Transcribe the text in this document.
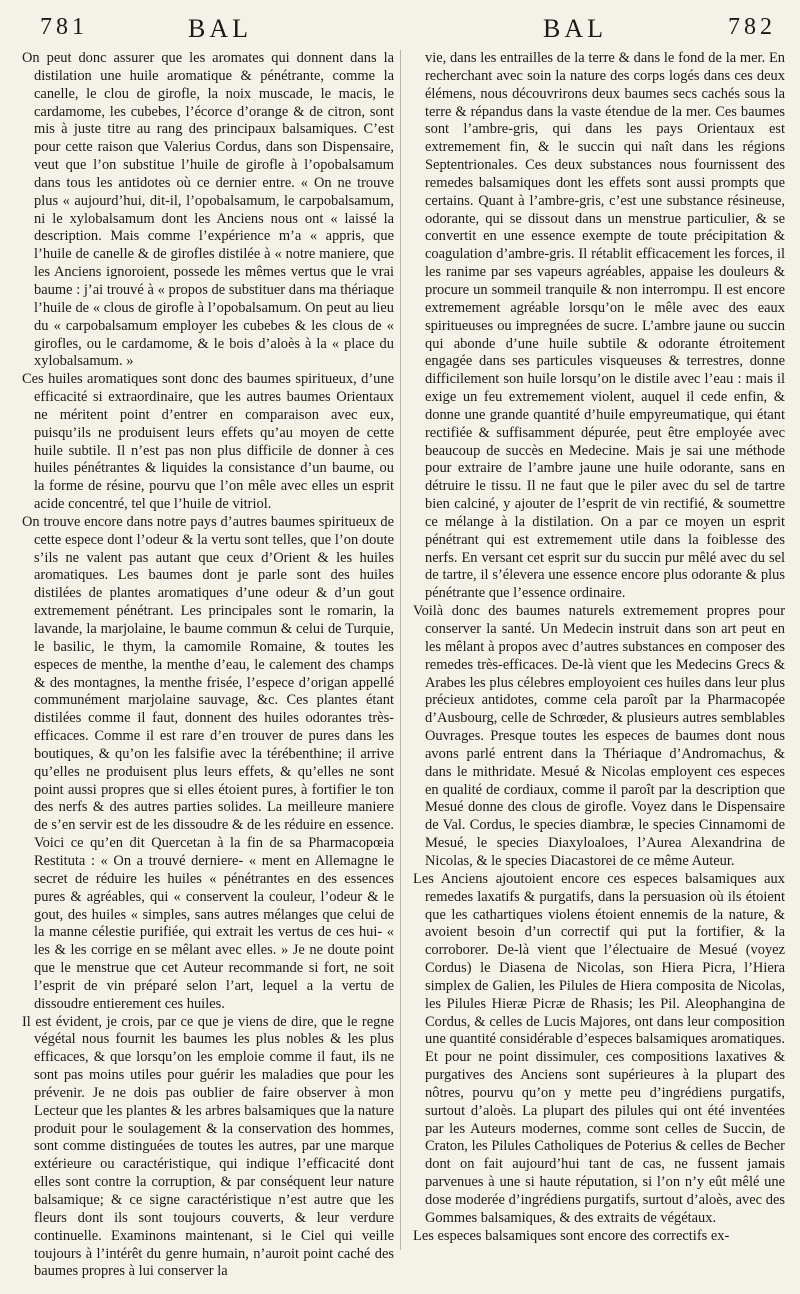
781	BAL	BAL	782

On peut donc assurer que les aromates qui donnent dans la distilation une huile aromatique & pénétrante, comme la canelle, le clou de girofle, la noix muscade, le macis, le cardamome, les cubebes, l’écorce d’orange & de citron, sont mis à juste titre au rang des principaux balsamiques. C’est pour cette raison que Valerius Cordus, dans son Dispensaire, veut que l’on substitue l’huile de girofle à l’opobalsamum dans tous les antidotes où ce dernier entre. « On ne trouve plus « aujourd’hui, dit-il, l’opobalsamum, le carpobalsamum, ni le xylobalsamum dont les Anciens nous ont « laissé la description. Mais comme l’expérience m’a « appris, que l’huile de canelle & de girofles distilée à « notre maniere, que les Anciens ignoroient, possede les mêmes vertus que le vrai baume : j’ai trouvé à « propos de substituer dans ma thériaque l’huile de « clous de girofle à l’opobalsamum. On peut au lieu du « carpobalsamum employer les cubebes & les clous de « girofles, ou le cardamome, & le bois d’aloès à la « place du xylobalsamum. »

Ces huiles aromatiques sont donc des baumes spiritueux, d’une efficacité si extraordinaire, que les autres baumes Orientaux ne méritent point d’entrer en comparaison avec eux, puisqu’ils ne produisent leurs effets qu’au moyen de cette huile subtile. Il n’est pas non plus difficile de donner à ces huiles pénétrantes & liquides la consistance d’un baume, ou la forme de résine, pourvu que l’on mêle avec elles un esprit acide concentré, tel que l’huile de vitriol.

On trouve encore dans notre pays d’autres baumes spiritueux de cette espece dont l’odeur & la vertu sont telles, que l’on doute s’ils ne valent pas autant que ceux d’Orient & les huiles aromatiques. Les baumes dont je parle sont des huiles distilées de plantes aromatiques d’une odeur & d’un gout extremement pénétrant. Les principales sont le romarin, la lavande, la marjolaine, le baume commun & celui de Turquie, le basilic, le thym, la camomile Romaine, & toutes les especes de menthe, la menthe d’eau, le calement des champs & des montagnes, la menthe frisée, l’espece d’origan appellé communément marjolaine sauvage, &c. Ces plantes étant distilées comme il faut, donnent des huiles odorantes très-efficaces. Comme il est rare d’en trouver de pures dans les boutiques, & qu’on les falsifie avec la térébenthine; il arrive qu’elles ne produisent plus leurs effets, & qu’elles ne sont point aussi propres que si elles étoient pures, à fortifier le ton des nerfs & des autres parties solides. La meilleure maniere de s’en servir est de les dissoudre & de les réduire en essence. Voici ce qu’en dit Quercetan à la fin de sa Pharmacopœia Restituta : « On a trouvé derniere- « ment en Allemagne le secret de réduire les huiles « pénétrantes en des essences pures & agréables, qui « conservent la couleur, l’odeur & le gout, des huiles « simples, sans autres mélanges que celui de la manne célestie purifiée, qui extrait les vertus de ces hui- « les & les corrige en se mêlant avec elles. » Je ne doute point que le menstrue que cet Auteur recommande si fort, ne soit l’esprit de vin préparé selon l’art, lequel a la vertu de dissoudre entierement ces huiles.

Il est évident, je crois, par ce que je viens de dire, que le regne végétal nous fournit les baumes les plus nobles & les plus efficaces, & que lorsqu’on les emploie comme il faut, ils ne sont pas moins utiles pour guérir les maladies que pour les prévenir. Je ne dois pas oublier de faire observer à mon Lecteur que les plantes & les arbres balsamiques que la nature produit pour le soulagement & la conservation des hommes, sont comme distinguées de toutes les autres, par une marque extérieure ou caractéristique, qui indique l’efficacité dont elles sont contre la corruption, & par conséquent leur nature balsamique; & ce signe caractéristique n’est autre que les fleurs dont ils sont toujours couverts, & leur verdure continuelle. Examinons maintenant, si le Ciel qui veille toujours à l’intérêt du genre humain, n’auroit point caché des baumes propres à lui conserver la

vie, dans les entrailles de la terre & dans le fond de la mer. En recherchant avec soin la nature des corps logés dans ces deux élémens, nous découvrirons deux baumes secs cachés sous la terre & répandus dans la vaste étendue de la mer. Ces baumes sont l’ambre-gris, qui dans les pays Orientaux est extremement fin, & le succin qui naît dans les régions Septentrionales. Ces deux substances nous fournissent des remedes balsamiques dont les effets sont aussi prompts que certains. Quant à l’ambre-gris, c’est une substance résineuse, odorante, qui se dissout dans un menstrue particulier, & se convertit en une essence exempte de toute précipitation & coagulation d’ambre-gris. Il rétablit efficacement les forces, il les ranime par ses vapeurs agréables, appaise les douleurs & procure un sommeil tranquile & non interrompu. Il est encore extremement agréable lorsqu’on le mêle avec des eaux spiritueuses ou impregnées de sucre. L’ambre jaune ou succin qui abonde d’une huile subtile & odorante étroitement engagée dans ses particules visqueuses & terrestres, donne difficilement son huile lorsqu’on le distile avec l’eau : mais il exige un feu extremement violent, auquel il cede enfin, & donne une grande quantité d’huile empyreumatique, qui étant rectifiée & suffisamment dépurée, peut être employée avec beaucoup de succès en Medecine. Mais je sai une méthode pour extraire de l’ambre jaune une huile odorante, sans en détruire le tissu. Il ne faut que le piler avec du sel de tartre bien calciné, y ajouter de l’esprit de vin rectifié, & soumettre ce mélange à la distilation. On a par ce moyen un esprit pénétrant qui est extremement utile dans la foiblesse des nerfs. En versant cet esprit sur du succin pur mêlé avec du sel de tartre, il s’élevera une essence encore plus odorante & plus pénétrante que l’essence ordinaire.

Voilà donc des baumes naturels extremement propres pour conserver la santé. Un Medecin instruit dans son art peut en les mêlant à propos avec d’autres substances en composer des remedes très-efficaces. De-là vient que les Medecins Grecs & Arabes les plus célebres employoient ces huiles dans leur plus précieux antidotes, comme cela paroît par la Pharmacopée d’Ausbourg, celle de Schrœder, & plusieurs autres semblables Ouvrages. Presque toutes les especes de baumes dont nous avons parlé entrent dans la Thériaque d’Andromachus, & dans le mithridate. Mesué & Nicolas employent ces especes en qualité de cordiaux, comme il paroît par la description que Mesué donne des clous de girofle. Voyez dans le Dispensaire de Val. Cordus, le species diambræ, le species Cinnamomi de Mesué, le species Diaxyloaloes, l’Aurea Alexandrina de Nicolas, & le species Diacastorei de ce même Auteur.

Les Anciens ajoutoient encore ces especes balsamiques aux remedes laxatifs & purgatifs, dans la persuasion où ils étoient que les cathartiques violens étoient ennemis de la nature, & avoient besoin d’un correctif qui put la fortifier, & la corroborer. De-là vient que l’électuaire de Mesué (voyez Cordus) le Diasena de Nicolas, son Hiera Picra, l’Hiera simplex de Galien, les Pilules de Hiera composita de Nicolas, les Pilules Hieræ Picræ de Rhasis; les Pil. Aleophangina de Cordus, & celles de Lucis Majores, ont dans leur composition une quantité considérable d’especes balsamiques aromatiques. Et pour ne point dissimuler, ces compositions laxatives & purgatives des Anciens sont supérieures à la plupart des nôtres, pourvu qu’on y mette peu d’ingrédiens purgatifs, surtout d’aloès. La plupart des pilules qui ont été inventées par les Auteurs modernes, comme sont celles de Succin, de Craton, les Pilules Catholiques de Poterius & celles de Becher dont on fait aujourd’hui tant de cas, ne fussent jamais parvenues à une si haute réputation, si l’on n’y eût mêlé une dose moderée d’ingrédiens purgatifs, surtout d’aloès, avec des Gommes balsamiques, & des extraits de végétaux.

Les especes balsamiques sont encore des correctifs ex-
